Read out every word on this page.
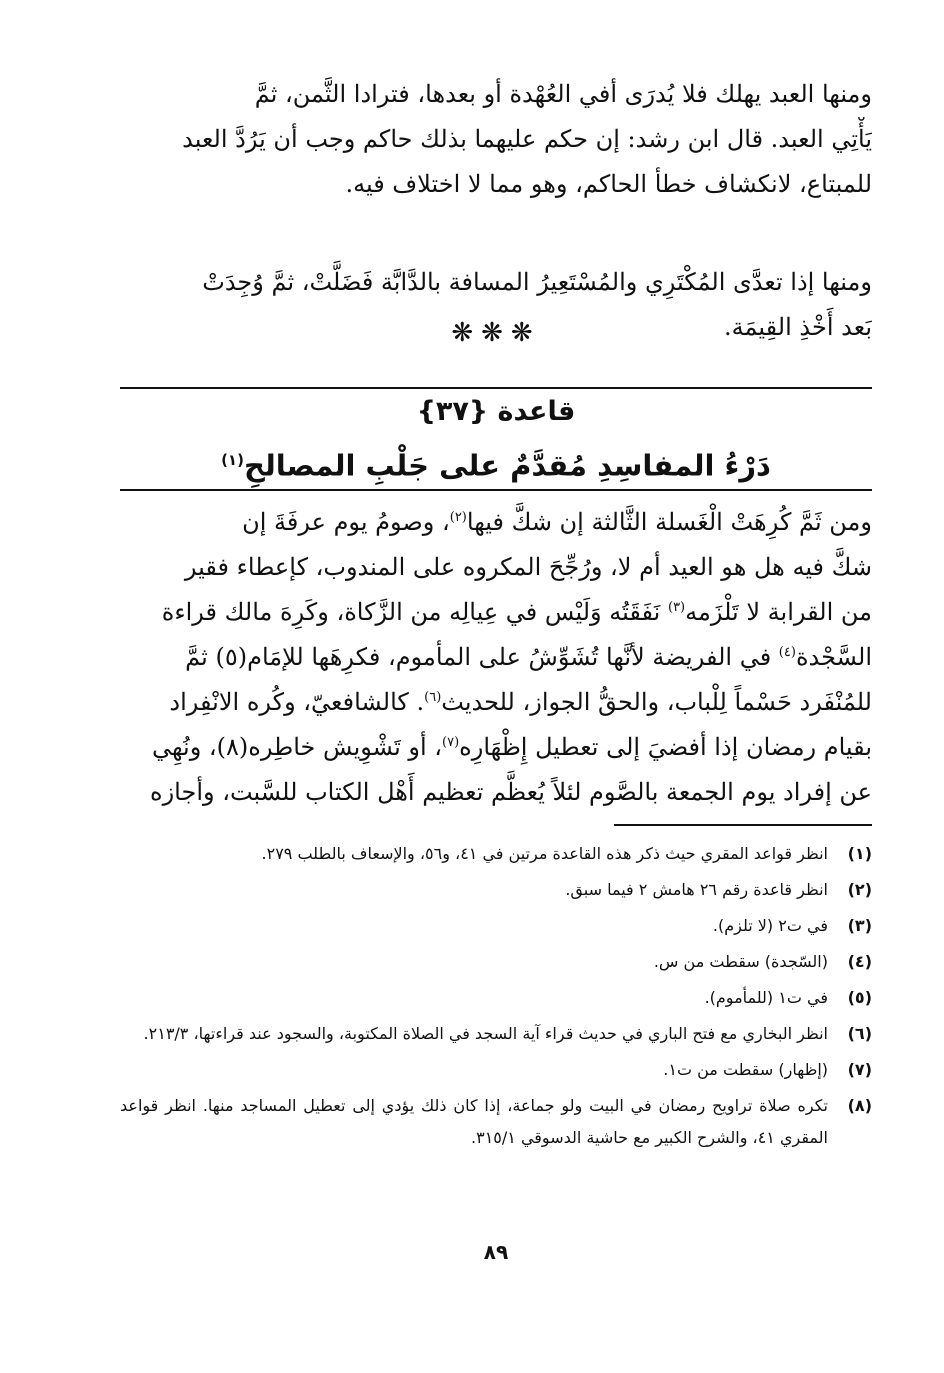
ومنها العبد يهلك فلا يُدرَى أفي العُهْدة أو بعدها، فترادا الثَّمن، ثمَّ
يَأْتِي العبد. قال ابن رشد: إن حكم عليهما بذلك حاكم وجب أن يَرُدَّ العبد
للمبتاع، لانكشاف خطأ الحاكم، وهو مما لا اختلاف فيه.
ومنها إذا تعدَّى المُكْتَرِي والمُسْتَعِيرُ المسافة بالدَّابَّة فَضَلَّتْ، ثمَّ وُجِدَتْ
بَعد أَخْذِ القِيمَة.
❋❋❋
قاعدة {٣٧}
دَرْءُ المفاسِدِ مُقدَّمٌ على جَلْبِ المصالحِ$^{(١)}$
ومن ثَمَّ كُرِهَتْ الْغَسلة الثَّالثة إن شكَّ فيها$^{(٢)}$، وصومُ يوم عرفَةَ إن
شكَّ فيه هل هو العيد أم لا، ورُجِّحَ المكروه على المندوب، كإعطاء فقير
من القرابة لا تَلْزَمه$^{(٣)}$ نَفَقَتُه وَلَيْس في عِيالِه من الزَّكاة، وكَرِهَ مالك قراءة
السَّجْدة$^{(٤)}$ في الفريضة لأنَّها تُشَوِّشُ على المأموم، فكرِهَها للإمَام(٥) ثمَّ
للمُنْفَرد حَسْماً لِلْباب، والحقُّ الجواز، للحديث$^{(٦)}$. كالشافعيّ، وكُره الانْفِراد
بقيام رمضان إذا أفضيَ إلى تعطيل إِظْهَارِه$^{(٧)}$، أو تَشْوِيش خاطِره(٨)، ونُهِي
عن إفراد يوم الجمعة بالصَّوم لئلاً يُعظَّم تعظيم أَهْل الكتاب للسَّبت، وأجازه
(١)
انظر قواعد المقري حيث ذكر هذه القاعدة مرتين في ٤١، و٥٦، والإسعاف بالطلب ٢٧٩.
(٢)
انظر قاعدة رقم ٢٦ هامش ٢ فيما سبق.
(٣)
في ت٢ (لا تلزم).
(٤)
(السّجدة) سقطت من س.
(٥)
في ت١ (للمأموم).
(٦)
انظر البخاري مع فتح الباري في حديث قراء آية السجد في الصلاة المكتوبة، والسجود عند قراءتها، ٢١٣/٣.
(٧)
(إظهار) سقطت من ت١.
(٨)
تكره صلاة تراويح رمضان في البيت ولو جماعة، إذا كان ذلك يؤدي إلى تعطيل المساجد منها. انظر قواعد المقري ٤١، والشرح الكبير مع حاشية الدسوقي ٣١٥/١.
٨٩
